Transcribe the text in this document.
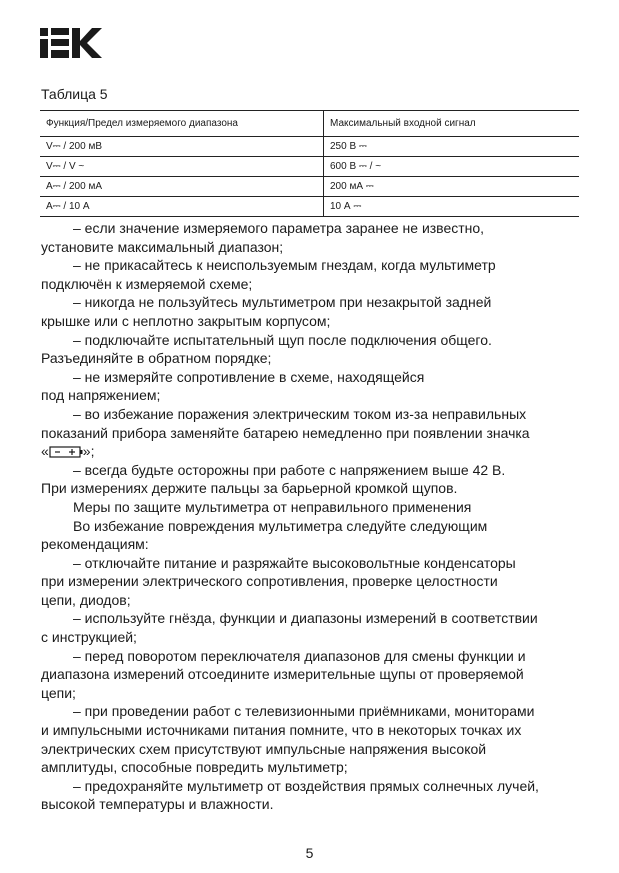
Таблица 5
Функция/Предел измеряемого диапазона	Максимальный входной сигнал
V⎓ / 200 мВ	250 В ⎓
V⎓ / V ~	600 В ⎓ / ~
A⎓ / 200 мА	200 мА ⎓
A⎓ / 10 А	10 А ⎓

– если значение измеряемого параметра заранее не известно,

установите максимальный диапазон;

– не прикасайтесь к неиспользуемым гнездам, когда мультиметр

подключён к измеряемой схеме;

– никогда не пользуйтесь мультиметром при незакрытой задней

крышке или с неплотно закрытым корпусом;

– подключайте испытательный щуп после подключения общего.

Разъединяйте в обратном порядке;

– не измеряйте сопротивление в схеме, находящейся

под напряжением;

– во избежание поражения электрическим током из-за неправильных

показаний прибора заменяйте батарею немедленно при появлении значка

« »;

– всегда будьте осторожны при работе с напряжением выше 42 В.

При измерениях держите пальцы за барьерной кромкой щупов.

Меры по защите мультиметра от неправильного применения

Во избежание повреждения мультиметра следуйте следующим

рекомендациям:

– отключайте питание и разряжайте высоковольтные конденсаторы

при измерении электрического сопротивления, проверке целостности

цепи, диодов;

– используйте гнёзда, функции и диапазоны измерений в соответствии

с инструкцией;

– перед поворотом переключателя диапазонов для смены функции и

диапазона измерений отсоедините измерительные щупы от проверяемой

цепи;

– при проведении работ с телевизионными приёмниками, мониторами

и импульсными источниками питания помните, что в некоторых точках их

электрических схем присутствуют импульсные напряжения высокой

амплитуды, способные повредить мультиметр;

– предохраняйте мультиметр от воздействия прямых солнечных лучей,

высокой температуры и влажности.

5
